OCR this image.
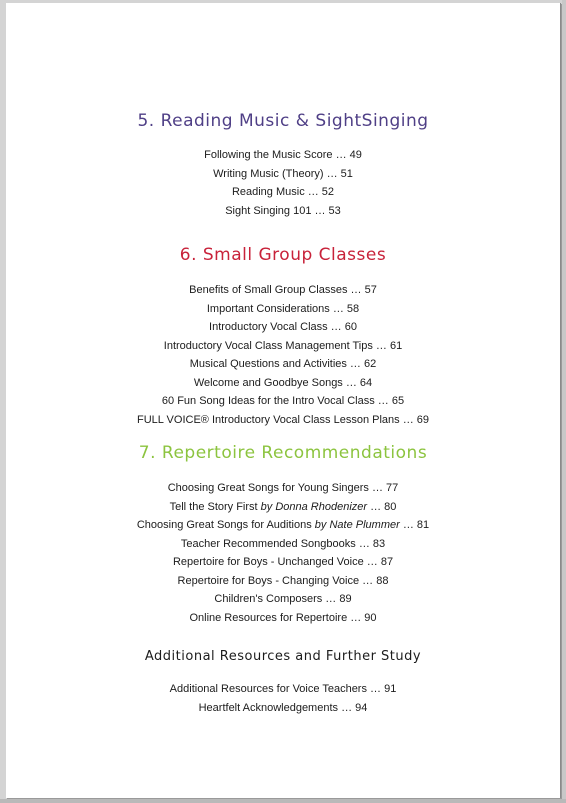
5. Reading Music & SightSinging
Following the Music Score … 49
Writing Music (Theory) … 51
Reading Music … 52
Sight Singing 101 … 53
6. Small Group Classes
Benefits of Small Group Classes … 57
Important Considerations … 58
Introductory Vocal Class … 60
Introductory Vocal Class Management Tips … 61
Musical Questions and Activities … 62
Welcome and Goodbye Songs … 64
60 Fun Song Ideas for the Intro Vocal Class … 65
FULL VOICE® Introductory Vocal Class Lesson Plans … 69
7. Repertoire Recommendations
Choosing Great Songs for Young Singers … 77
Tell the Story First by Donna Rhodenizer … 80
Choosing Great Songs for Auditions by Nate Plummer … 81
Teacher Recommended Songbooks … 83
Repertoire for Boys - Unchanged Voice … 87
Repertoire for Boys - Changing Voice … 88
Children's Composers … 89
Online Resources for Repertoire … 90
Additional Resources and Further Study
Additional Resources for Voice Teachers … 91
Heartfelt Acknowledgements … 94
